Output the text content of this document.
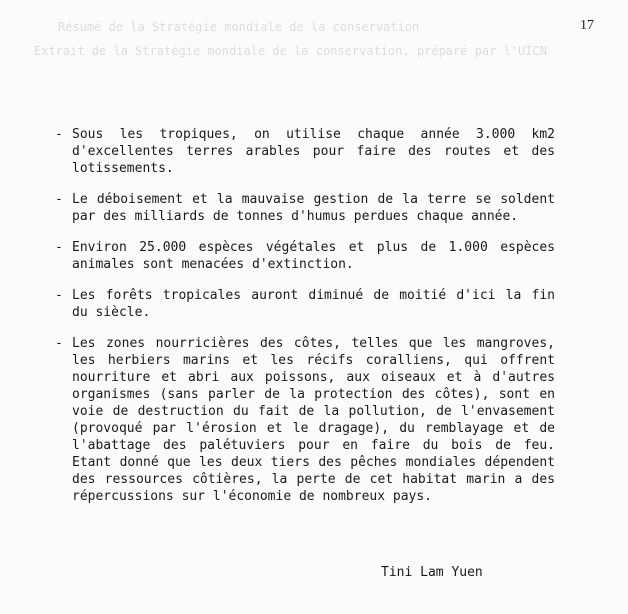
17
Résumé de la Stratégie mondiale de la conservation
Extrait de la Stratégie mondiale de la conservation, préparé par l'UICN
- Sous les tropiques, on utilise chaque année 3.000 km2 d'excellentes terres arables pour faire des routes et des lotissements.
- Le déboisement et la mauvaise gestion de la terre se soldent par des milliards de tonnes d'humus perdues chaque année.
- Environ 25.000 espèces végétales et plus de 1.000 espèces animales sont menacées d'extinction.
- Les forêts tropicales auront diminué de moitié d'ici la fin du siècle.
- Les zones nourricières des côtes, telles que les mangroves, les herbiers marins et les récifs coralliens, qui offrent nourriture et abri aux poissons, aux oiseaux et à d'autres organismes (sans parler de la protection des côtes), sont en voie de destruction du fait de la pollution, de l'envasement (provoqué par l'érosion et le dragage), du remblayage et de l'abattage des palétuviers pour en faire du bois de feu. Etant donné que les deux tiers des pêches mondiales dépendent des ressources côtières, la perte de cet habitat marin a des répercussions sur l'économie de nombreux pays.
Tini Lam Yuen
